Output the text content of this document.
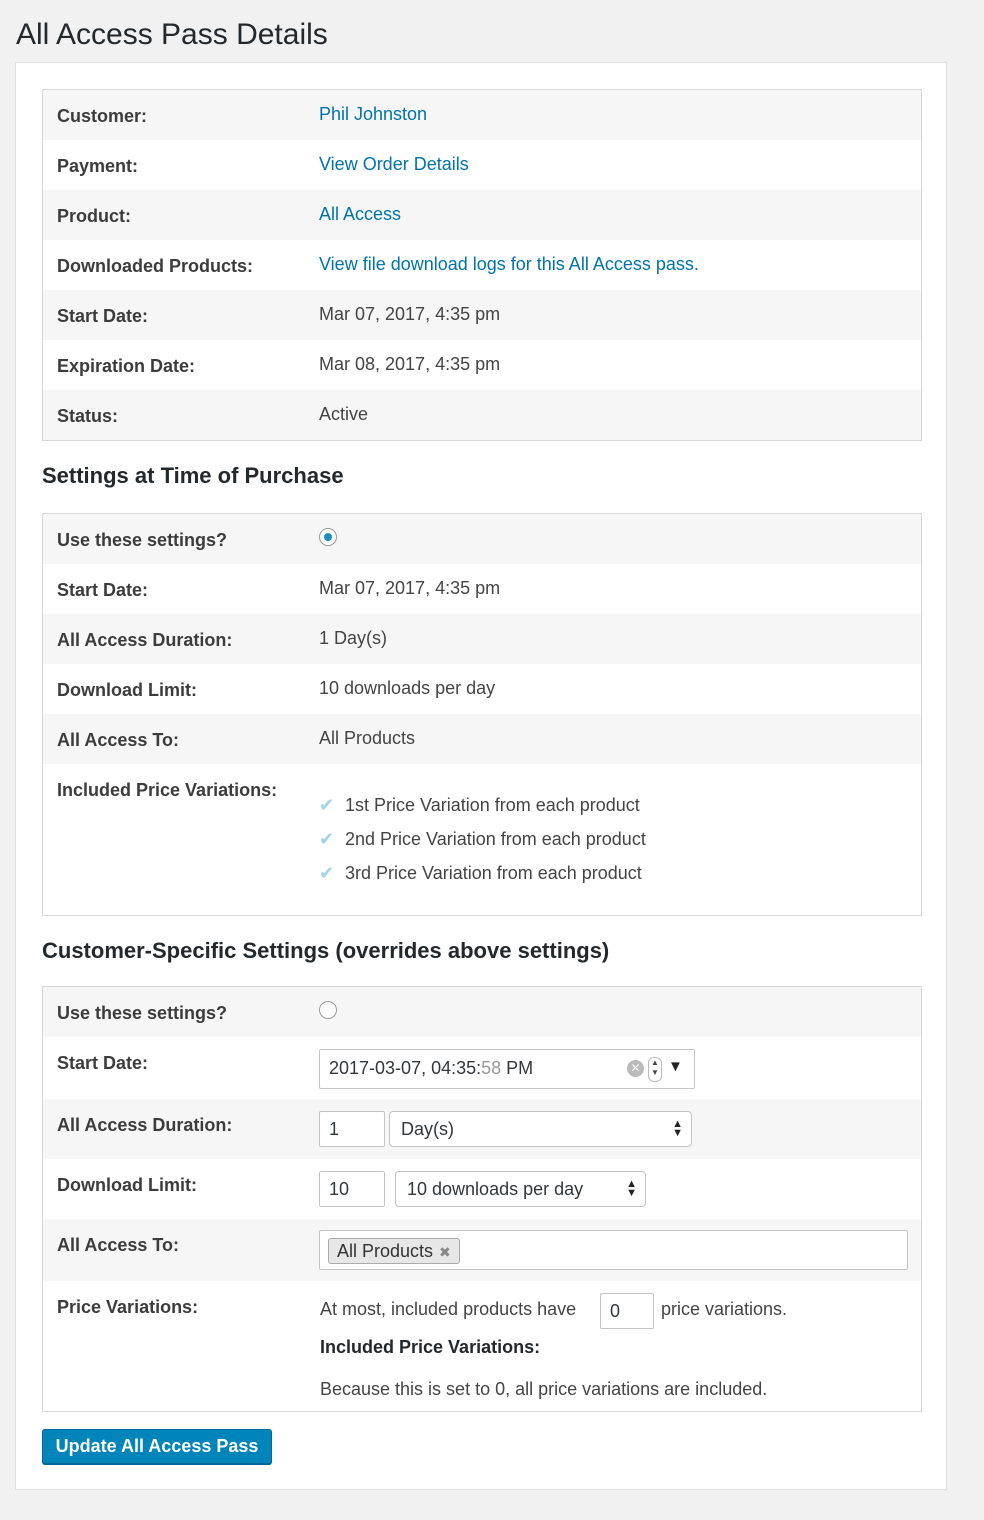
All Access Pass Details
Customer:	Phil Johnston
Payment:	View Order Details
Product:	All Access
Downloaded Products:	View file download logs for this All Access pass.
Start Date:	Mar 07, 2017, 4:35 pm
Expiration Date:	Mar 08, 2017, 4:35 pm
Status:	Active
Settings at Time of Purchase
Use these settings?
Start Date:	Mar 07, 2017, 4:35 pm
All Access Duration:	1 Day(s)
Download Limit:	10 downloads per day
All Access To:	All Products
Included Price Variations:
✔ 1st Price Variation from each product
✔ 2nd Price Variation from each product
✔ 3rd Price Variation from each product
Customer-Specific Settings (overrides above settings)
Use these settings?
Start Date:	2017-03-07, 04:35:58 PM	✕	▲
▼ ▼
All Access Duration:	1	Day(s)	▲
▼
Download Limit:	10	10 downloads per day	▲
▼
All Access To:	All Products ✖
Price Variations:	At most, included products have 0 price variations.
Included Price Variations:
Because this is set to 0, all price variations are included.
Update All Access Pass
